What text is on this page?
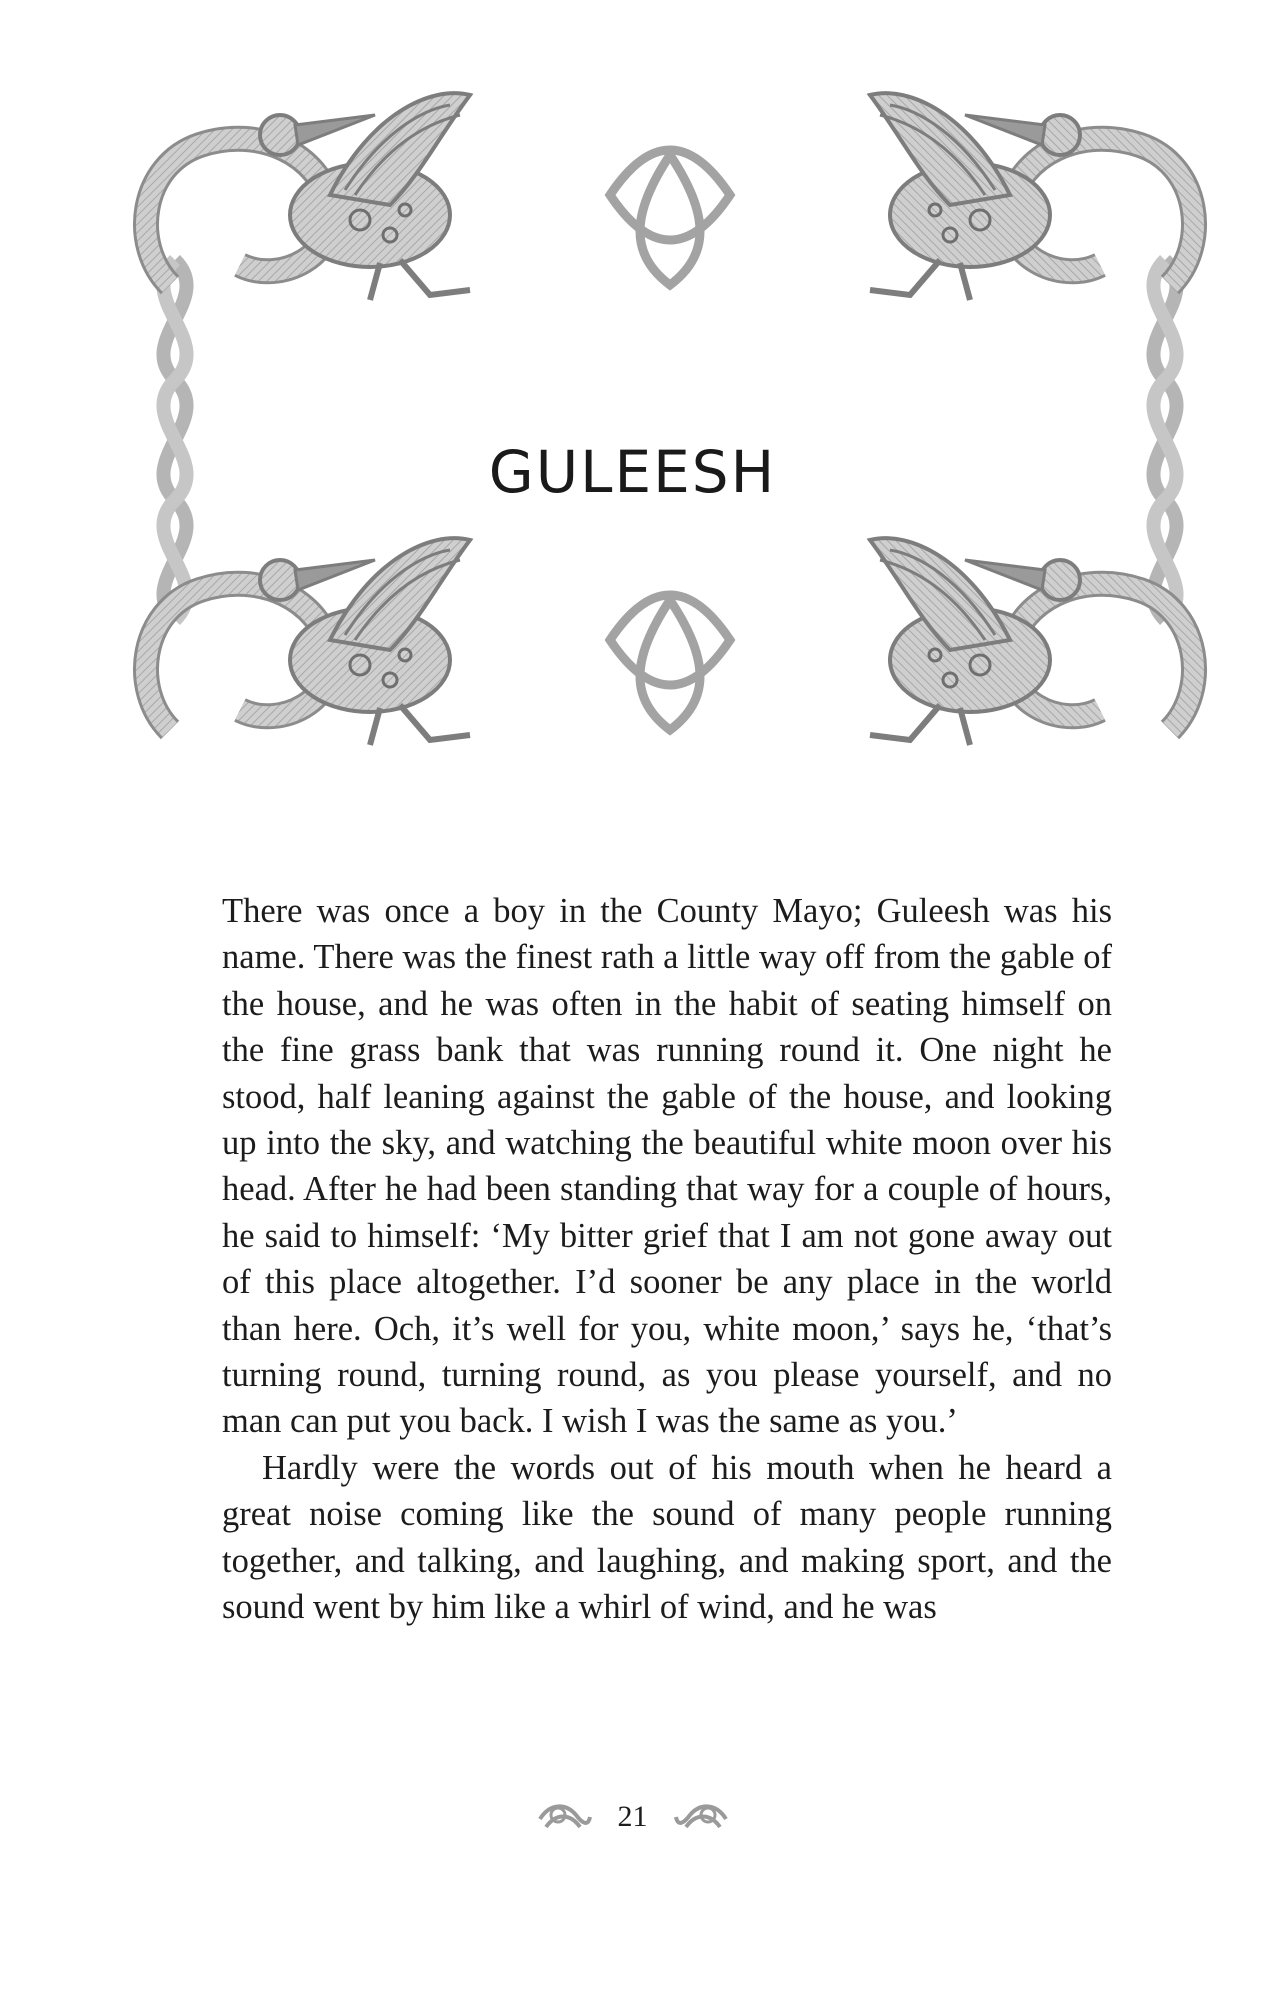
GULEESH

There was once a boy in the County Mayo; Guleesh was his name. There was the finest rath a little way off from the gable of the house, and he was often in the habit of seating himself on the fine grass bank that was running round it. One night he stood, half leaning against the gable of the house, and looking up into the sky, and watching the beautiful white moon over his head. After he had been standing that way for a couple of hours, he said to himself: ‘My bitter grief that I am not gone away out of this place altogether. I’d sooner be any place in the world than here. Och, it’s well for you, white moon,’ says he, ‘that’s turning round, turning round, as you please yourself, and no man can put you back. I wish I was the same as you.’

Hardly were the words out of his mouth when he heard a great noise coming like the sound of many people running together, and talking, and laughing, and making sport, and the sound went by him like a whirl of wind, and he was

21
